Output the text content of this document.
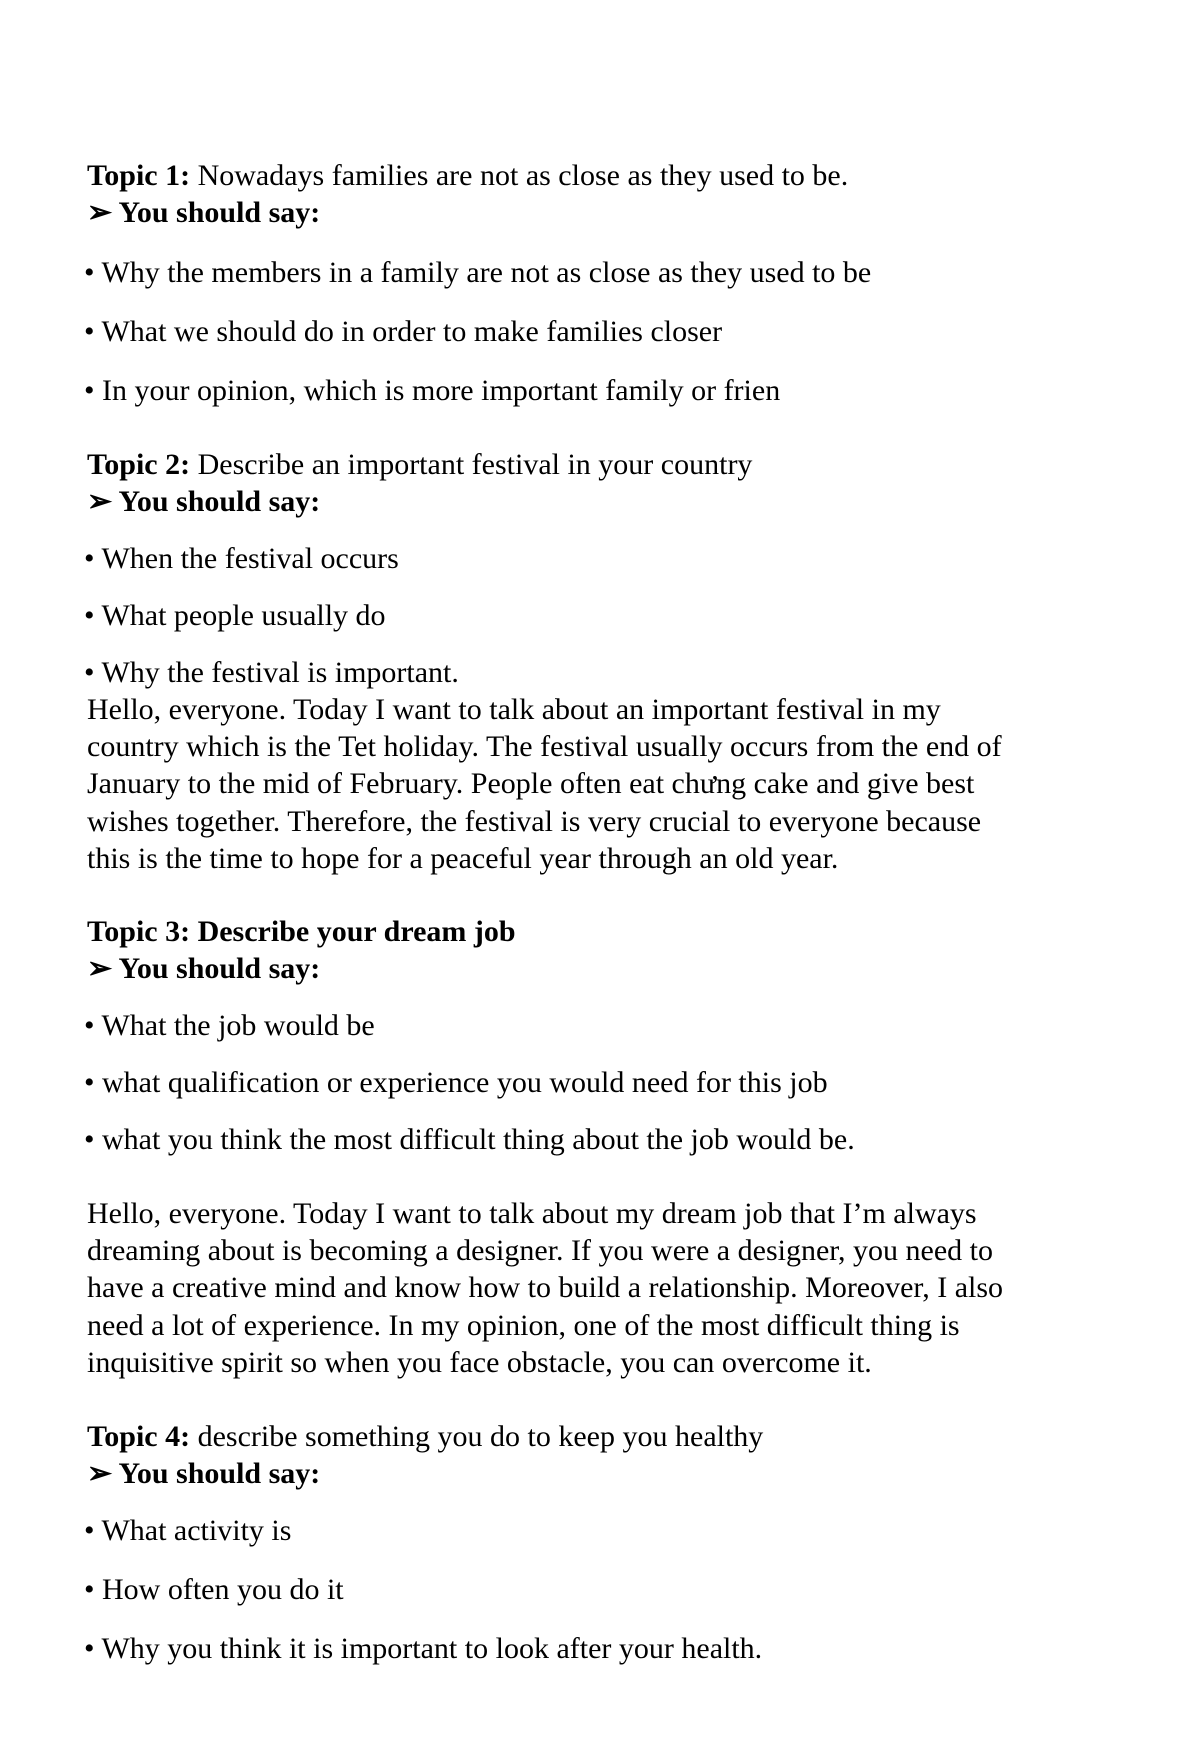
Topic 1: Nowadays families are not as close as they used to be.
➢ You should say:
• Why the members in a family are not as close as they used to be
• What we should do in order to make families closer
• In your opinion, which is more important family or frien
Topic 2: Describe an important festival in your country
➢ You should say:
• When the festival occurs
• What people usually do
• Why the festival is important.
Hello, everyone. Today I want to talk about an important festival in my
country which is the Tet holiday. The festival usually occurs from the end of
January to the mid of February. People often eat chưng cake and give best
wishes together. Therefore, the festival is very crucial to everyone because
this is the time to hope for a peaceful year through an old year.
Topic 3: Describe your dream job
➢ You should say:
• What the job would be
• what qualification or experience you would need for this job
• what you think the most difficult thing about the job would be.
Hello, everyone. Today I want to talk about my dream job that I’m always
dreaming about is becoming a designer. If you were a designer, you need to
have a creative mind and know how to build a relationship. Moreover, I also
need a lot of experience. In my opinion, one of the most difficult thing is
inquisitive spirit so when you face obstacle, you can overcome it.
Topic 4: describe something you do to keep you healthy
➢ You should say:
• What activity is
• How often you do it
• Why you think it is important to look after your health.
